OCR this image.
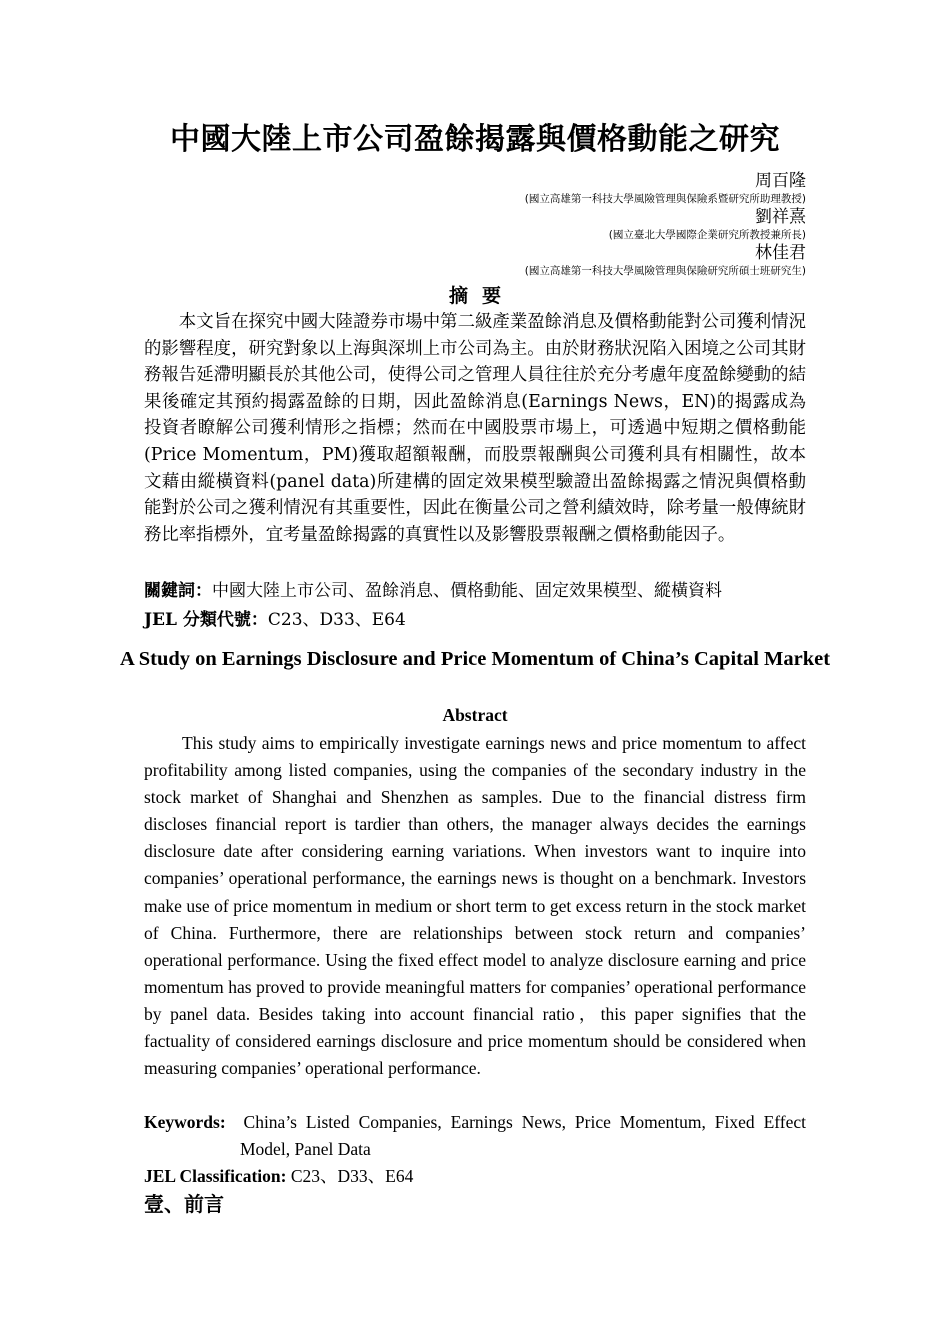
中國大陸上市公司盈餘揭露與價格動能之研究
周百隆
(國立高雄第一科技大學風險管理與保險系暨研究所助理教授)
劉祥熹
(國立臺北大學國際企業研究所教授兼所長)
林佳君
(國立高雄第一科技大學風險管理與保險研究所碩士班研究生)
摘要

本文旨在探究中國大陸證券市場中第二級產業盈餘消息及價格動能對公司獲利情況的影響程度，研究對象以上海與深圳上市公司為主。由於財務狀況陷入困境之公司其財務報告延滯明顯長於其他公司，使得公司之管理人員往往於充分考慮年度盈餘變動的結果後確定其預約揭露盈餘的日期，因此盈餘消息(Earnings News，EN)的揭露成為投資者瞭解公司獲利情形之指標；然而在中國股票市場上，可透過中短期之價格動能(Price Momentum，PM)獲取超額報酬，而股票報酬與公司獲利具有相關性，故本文藉由縱橫資料(panel data)所建構的固定效果模型驗證出盈餘揭露之情況與價格動能對於公司之獲利情況有其重要性，因此在衡量公司之營利績效時，除考量一般傳統財務比率指標外，宜考量盈餘揭露的真實性以及影響股票報酬之價格動能因子。

關鍵詞：中國大陸上市公司、盈餘消息、價格動能、固定效果模型、縱橫資料

JEL 分類代號：C23、D33、E64

A Study on Earnings Disclosure and Price Momentum of China’s Capital Market
Abstract

This study aims to empirically investigate earnings news and price momentum to affect profitability among listed companies, using the companies of the secondary industry in the stock market of Shanghai and Shenzhen as samples. Due to the financial distress firm discloses financial report is tardier than others, the manager always decides the earnings disclosure date after considering earning variations. When investors want to inquire into companies’ operational performance, the earnings news is thought on a benchmark. Investors make use of price momentum in medium or short term to get excess return in the stock market of China. Furthermore, there are relationships between stock return and companies’ operational performance. Using the fixed effect model to analyze disclosure earning and price momentum has proved to provide meaningful matters for companies’ operational performance by panel data. Besides taking into account financial ratio，this paper signifies that the factuality of considered earnings disclosure and price momentum should be considered when measuring companies’ operational performance.

Keywords: China’s Listed Companies, Earnings News, Price Momentum, Fixed Effect Model, Panel Data

JEL Classification: C23、D33、E64

壹、前言
